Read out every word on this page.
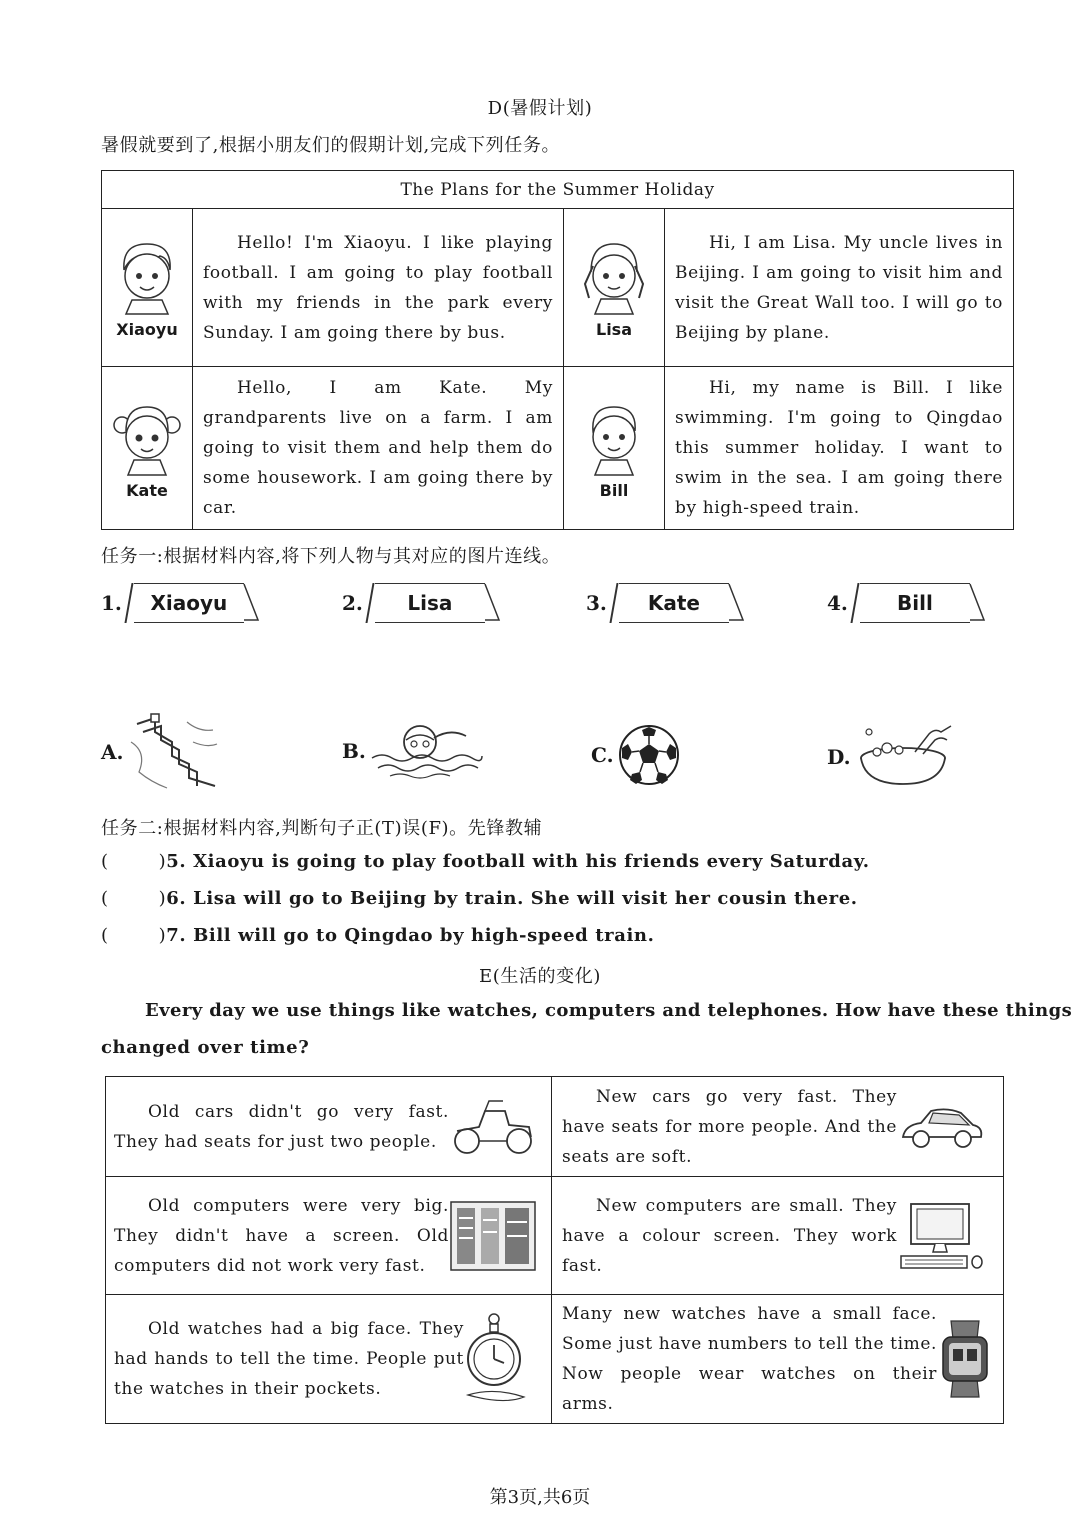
D(暑假计划)
暑假就要到了,根据小朋友们的假期计划,完成下列任务。
The Plans for the Summer Holiday			

Xiaoyu	Hello! I'm Xiaoyu. I like playing football. I am going to play football with my friends in the park every Sunday. I am going there by bus.	Lisa	Hi, I am Lisa. My uncle lives in Beijing. I am going to visit him and visit the Great Wall too. I will go to Beijing by plane.

Kate	Hello, I am Kate. My grandparents live on a farm. I am going to visit them and help them do some housework. I am going there by car.	Bill	Hi, my name is Bill. I like swimming. I'm going to Qingdao this summer holiday. I want to swim in the sea. I am going there by high-speed train.
任务一:根据材料内容,将下列人物与其对应的图片连线。
1. Xiaoyu	2. Lisa	3. Kate	4. Bill
A.	B.	C.	D.
任务二:根据材料内容,判断句子正(T)误(F)。先锋教辅
(	) 5. Xiaoyu is going to play football with his friends every Saturday.
(	) 6. Lisa will go to Beijing by train. She will visit her cousin there.
(	) 7. Bill will go to Qingdao by high-speed train.
E(生活的变化)
Every day we use things like watches, computers and telephones. How have these things
changed over time?
Old cars didn't go very fast. They had seats for just two people.	New cars go very fast. They have seats for more people. And the seats are soft.

Old computers were very big. They didn't have a screen. Old computers did not work very fast.	New computers are small. They have a colour screen. They work fast.

Old watches had a big face. They had hands to tell the time. People put the watches in their pockets.	Many new watches have a small face. Some just have numbers to tell the time. Now people wear watches on their arms.
第3页,共6页
